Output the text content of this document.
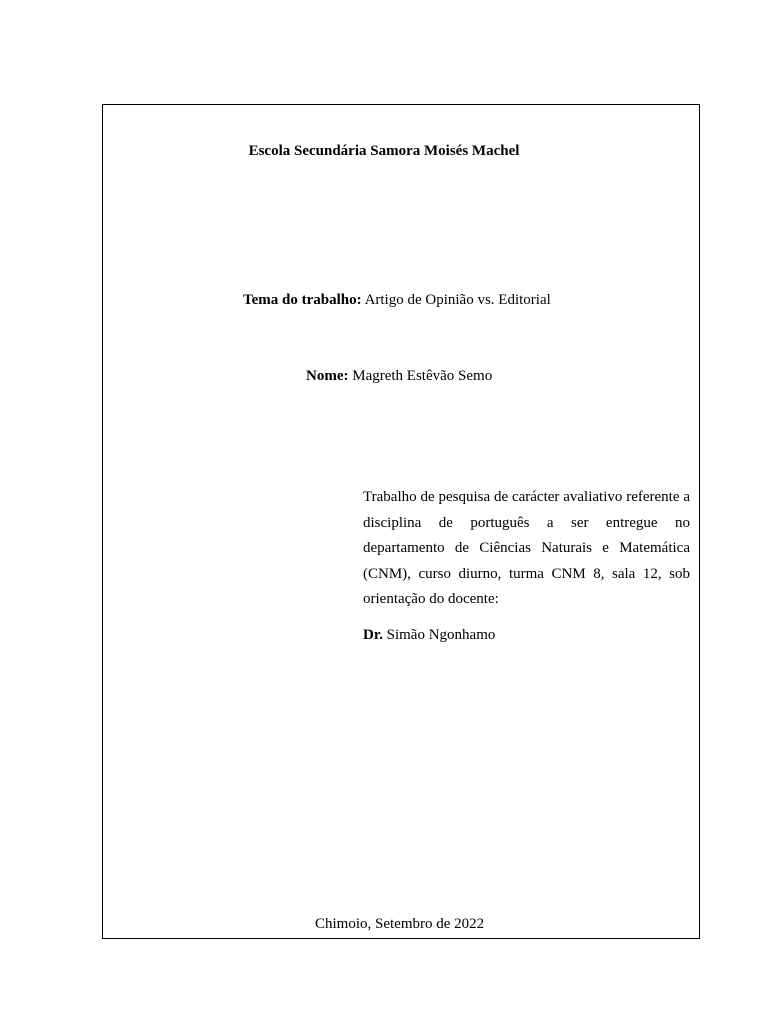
Escola Secundária Samora Moisés Machel
Tema do trabalho: Artigo de Opinião vs. Editorial
Nome: Magreth Estêvão Semo
Trabalho de pesquisa de carácter avaliativo referente a disciplina de português a ser entregue no departamento de Ciências Naturais e Matemática (CNM), curso diurno, turma CNM 8, sala 12, sob orientação do docente:
Dr. Simão Ngonhamo
Chimoio, Setembro de 2022
